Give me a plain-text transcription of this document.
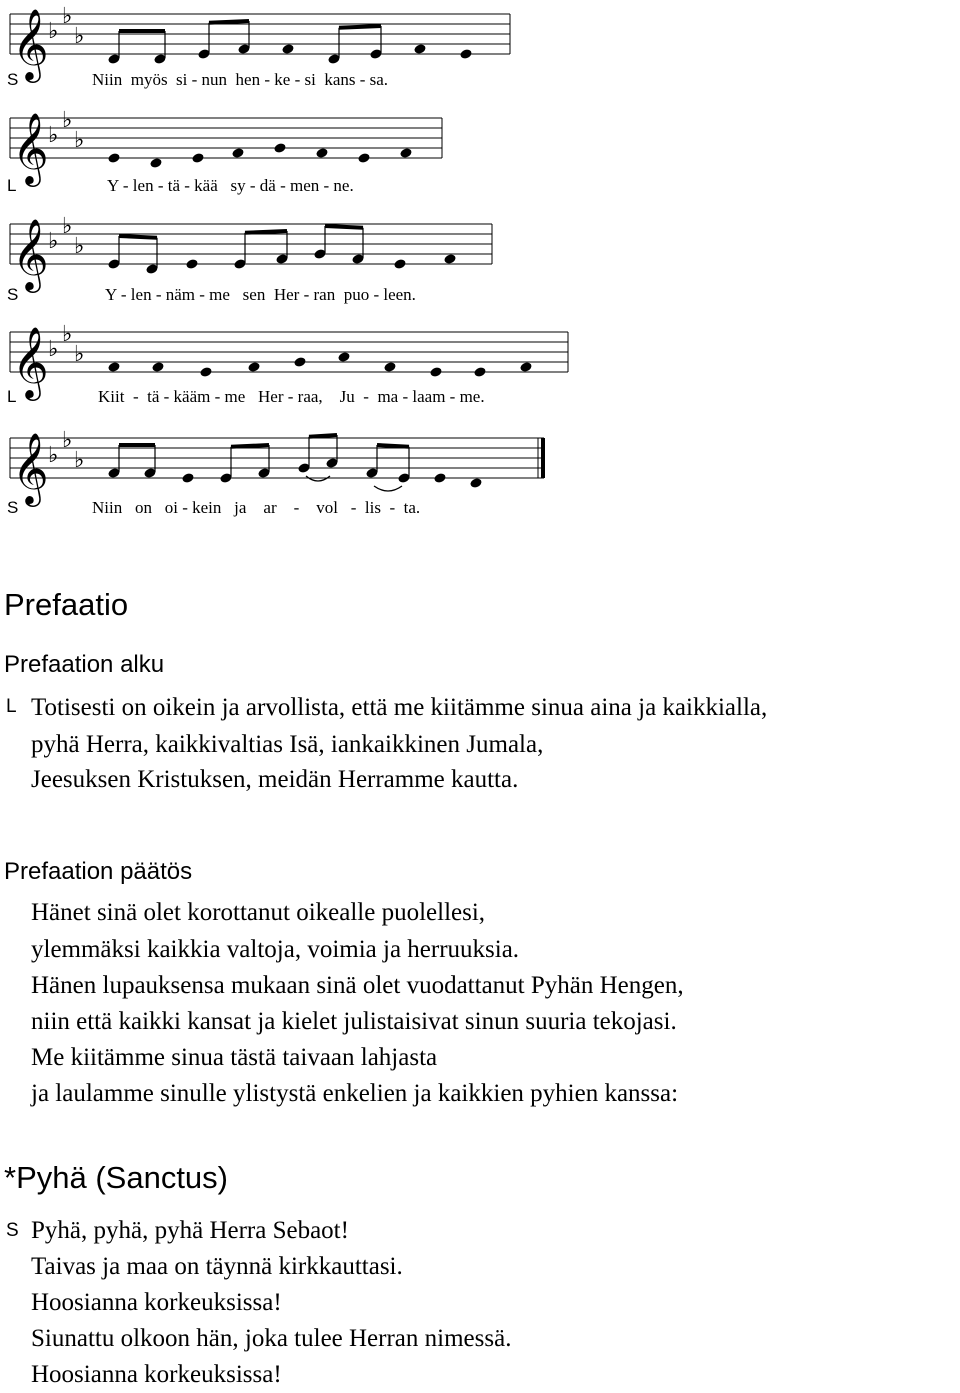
𝄞 ♭
♭
♭
S	Niin  myös  si - nun  hen - ke - si  kans - sa.
𝄞 ♭
♭
♭
L	Y - len - tä - kää   sy - dä - men - ne.
𝄞 ♭
♭
♭
S	Y - len - näm - me   sen  Her - ran  puo - leen.
𝄞 ♭
♭
♭
L	Kiit  -  tä - kääm - me   Her - raa,    Ju  -  ma - laam - me.
𝄞 ♭
♭
♭
S	Niin   on   oi - kein   ja    ar    -    vol   -  lis  -  ta.
Prefaatio
Prefaation alku
L Totisesti on oikein ja arvollista, että me kiitämme sinua aina ja kaikkialla,
pyhä Herra, kaikkivaltias Isä, iankaikkinen Jumala,
Jeesuksen Kristuksen, meidän Herramme kautta.
Prefaation päätös
Hänet sinä olet korottanut oikealle puolellesi,
ylemmäksi kaikkia valtoja, voimia ja herruuksia.
Hänen lupauksensa mukaan sinä olet vuodattanut Pyhän Hengen,
niin että kaikki kansat ja kielet julistaisivat sinun suuria tekojasi.
Me kiitämme sinua tästä taivaan lahjasta
ja laulamme sinulle ylistystä enkelien ja kaikkien pyhien kanssa:
*Pyhä (Sanctus)
S Pyhä, pyhä, pyhä Herra Sebaot!
Taivas ja maa on täynnä kirkkauttasi.
Hoosianna korkeuksissa!
Siunattu olkoon hän, joka tulee Herran nimessä.
Hoosianna korkeuksissa!
